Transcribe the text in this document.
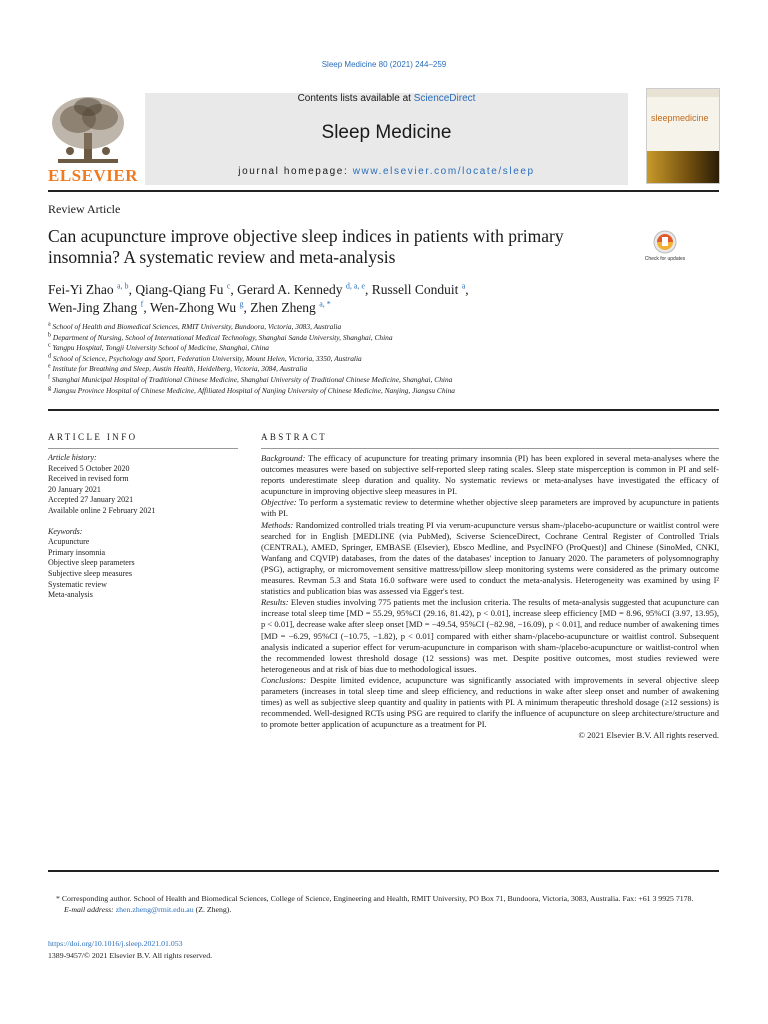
Sleep Medicine 80 (2021) 244–259
ELSEVIER
Contents lists available at ScienceDirect
Sleep Medicine
journal homepage: www.elsevier.com/locate/sleep
sleepmedicine
Review Article
Can acupuncture improve objective sleep indices in patients with primary insomnia? A systematic review and meta-analysis	Check for updates
Fei-Yi Zhao $^{a, b}$, Qiang-Qiang Fu $^c$, Gerard A. Kennedy $^{d, a, e}$, Russell Conduit $^a$,
Wen-Jing Zhang $^f$, Wen-Zhong Wu $^g$, Zhen Zheng $^{a, *}$
$^a$ School of Health and Biomedical Sciences, RMIT University, Bundoora, Victoria, 3083, Australia
$^b$ Department of Nursing, School of International Medical Technology, Shanghai Sanda University, Shanghai, China
$^c$ Yangpu Hospital, Tongji University School of Medicine, Shanghai, China
$^d$ School of Science, Psychology and Sport, Federation University, Mount Helen, Victoria, 3350, Australia
$^e$ Institute for Breathing and Sleep, Austin Health, Heidelberg, Victoria, 3084, Australia
$^f$ Shanghai Municipal Hospital of Traditional Chinese Medicine, Shanghai University of Traditional Chinese Medicine, Shanghai, China
$^g$ Jiangsu Province Hospital of Chinese Medicine, Affiliated Hospital of Nanjing University of Chinese Medicine, Nanjing, Jiangsu China
ARTICLE INFO	ABSTRACT
Article history:
Received 5 October 2020
Received in revised form
20 January 2021
Accepted 27 January 2021
Available online 2 February 2021
Keywords:
Acupuncture
Primary insomnia
Objective sleep parameters
Subjective sleep measures
Systematic review
Meta-analysis

Background: The efficacy of acupuncture for treating primary insomnia (PI) has been explored in several meta-analyses where the outcomes measures were based on subjective self-reported sleep rating scales. Sleep state misperception is common in PI and self-reports underestimate sleep duration and quality. No systematic reviews or meta-analyses have investigated the efficacy of acupuncture in improving objective sleep measures in PI.

Objective: To perform a systematic review to determine whether objective sleep parameters are improved by acupuncture in patients with PI.

Methods: Randomized controlled trials treating PI via verum-acupuncture versus sham-/placebo-acupuncture or waitlist control were searched for in English [MEDLINE (via PubMed), Sciverse ScienceDirect, Cochrane Central Register of Controlled Trials (CENTRAL), AMED, Springer, EMBASE (Elsevier), Ebsco Medline, and PsycINFO (ProQuest)] and Chinese (SinoMed, CNKI, Wanfang and CQVIP) databases, from the dates of the databases' inception to January 2020. The parameters of polysomnography (PSG), actigraphy, or micromovement sensitive mattress/pillow sleep monitoring systems were considered as the primary outcome measures. Revman 5.3 and Stata 16.0 software were used to conduct the meta-analysis. Heterogeneity was examined by using I² statistics and publication bias was assessed via Egger's test.

Results: Eleven studies involving 775 patients met the inclusion criteria. The results of meta-analysis suggested that acupuncture can increase total sleep time [MD = 55.29, 95%CI (29.16, 81.42), p < 0.01], increase sleep efficiency [MD = 8.96, 95%CI (3.97, 13.95), p < 0.01], decrease wake after sleep onset [MD = −49.54, 95%CI (−82.98, −16.09), p < 0.01], and reduce number of awakening times [MD = −6.29, 95%CI (−10.75, −1.82), p < 0.01] compared with either sham-/placebo-acupuncture or waitlist control. Subsequent analysis indicated a superior effect for verum-acupuncture in comparison with sham-/placebo-acupuncture or waitlist-control when the recommended lowest threshold dosage (12 sessions) was met. Despite positive outcomes, most studies reviewed were heterogeneous and at risk of bias due to methodological issues.

Conclusions: Despite limited evidence, acupuncture was significantly associated with improvements in several objective sleep parameters (increases in total sleep time and sleep efficiency, and reductions in wake after sleep onset and number of awakening times) as well as subjective sleep quantity and quality in patients with PI. A minimum therapeutic threshold dosage (≥12 sessions) is recommended. Well-designed RCTs using PSG are required to clarify the influence of acupuncture on sleep architecture/structure and to promote better application of acupuncture as a treatment for PI.

© 2021 Elsevier B.V. All rights reserved.

* Corresponding author. School of Health and Biomedical Sciences, College of Science, Engineering and Health, RMIT University, PO Box 71, Bundoora, Victoria, 3083, Australia. Fax: +61 3 9925 7178.
E-mail address: zhen.zheng@rmit.edu.au (Z. Zheng).
https://doi.org/10.1016/j.sleep.2021.01.053
1389-9457/© 2021 Elsevier B.V. All rights reserved.
